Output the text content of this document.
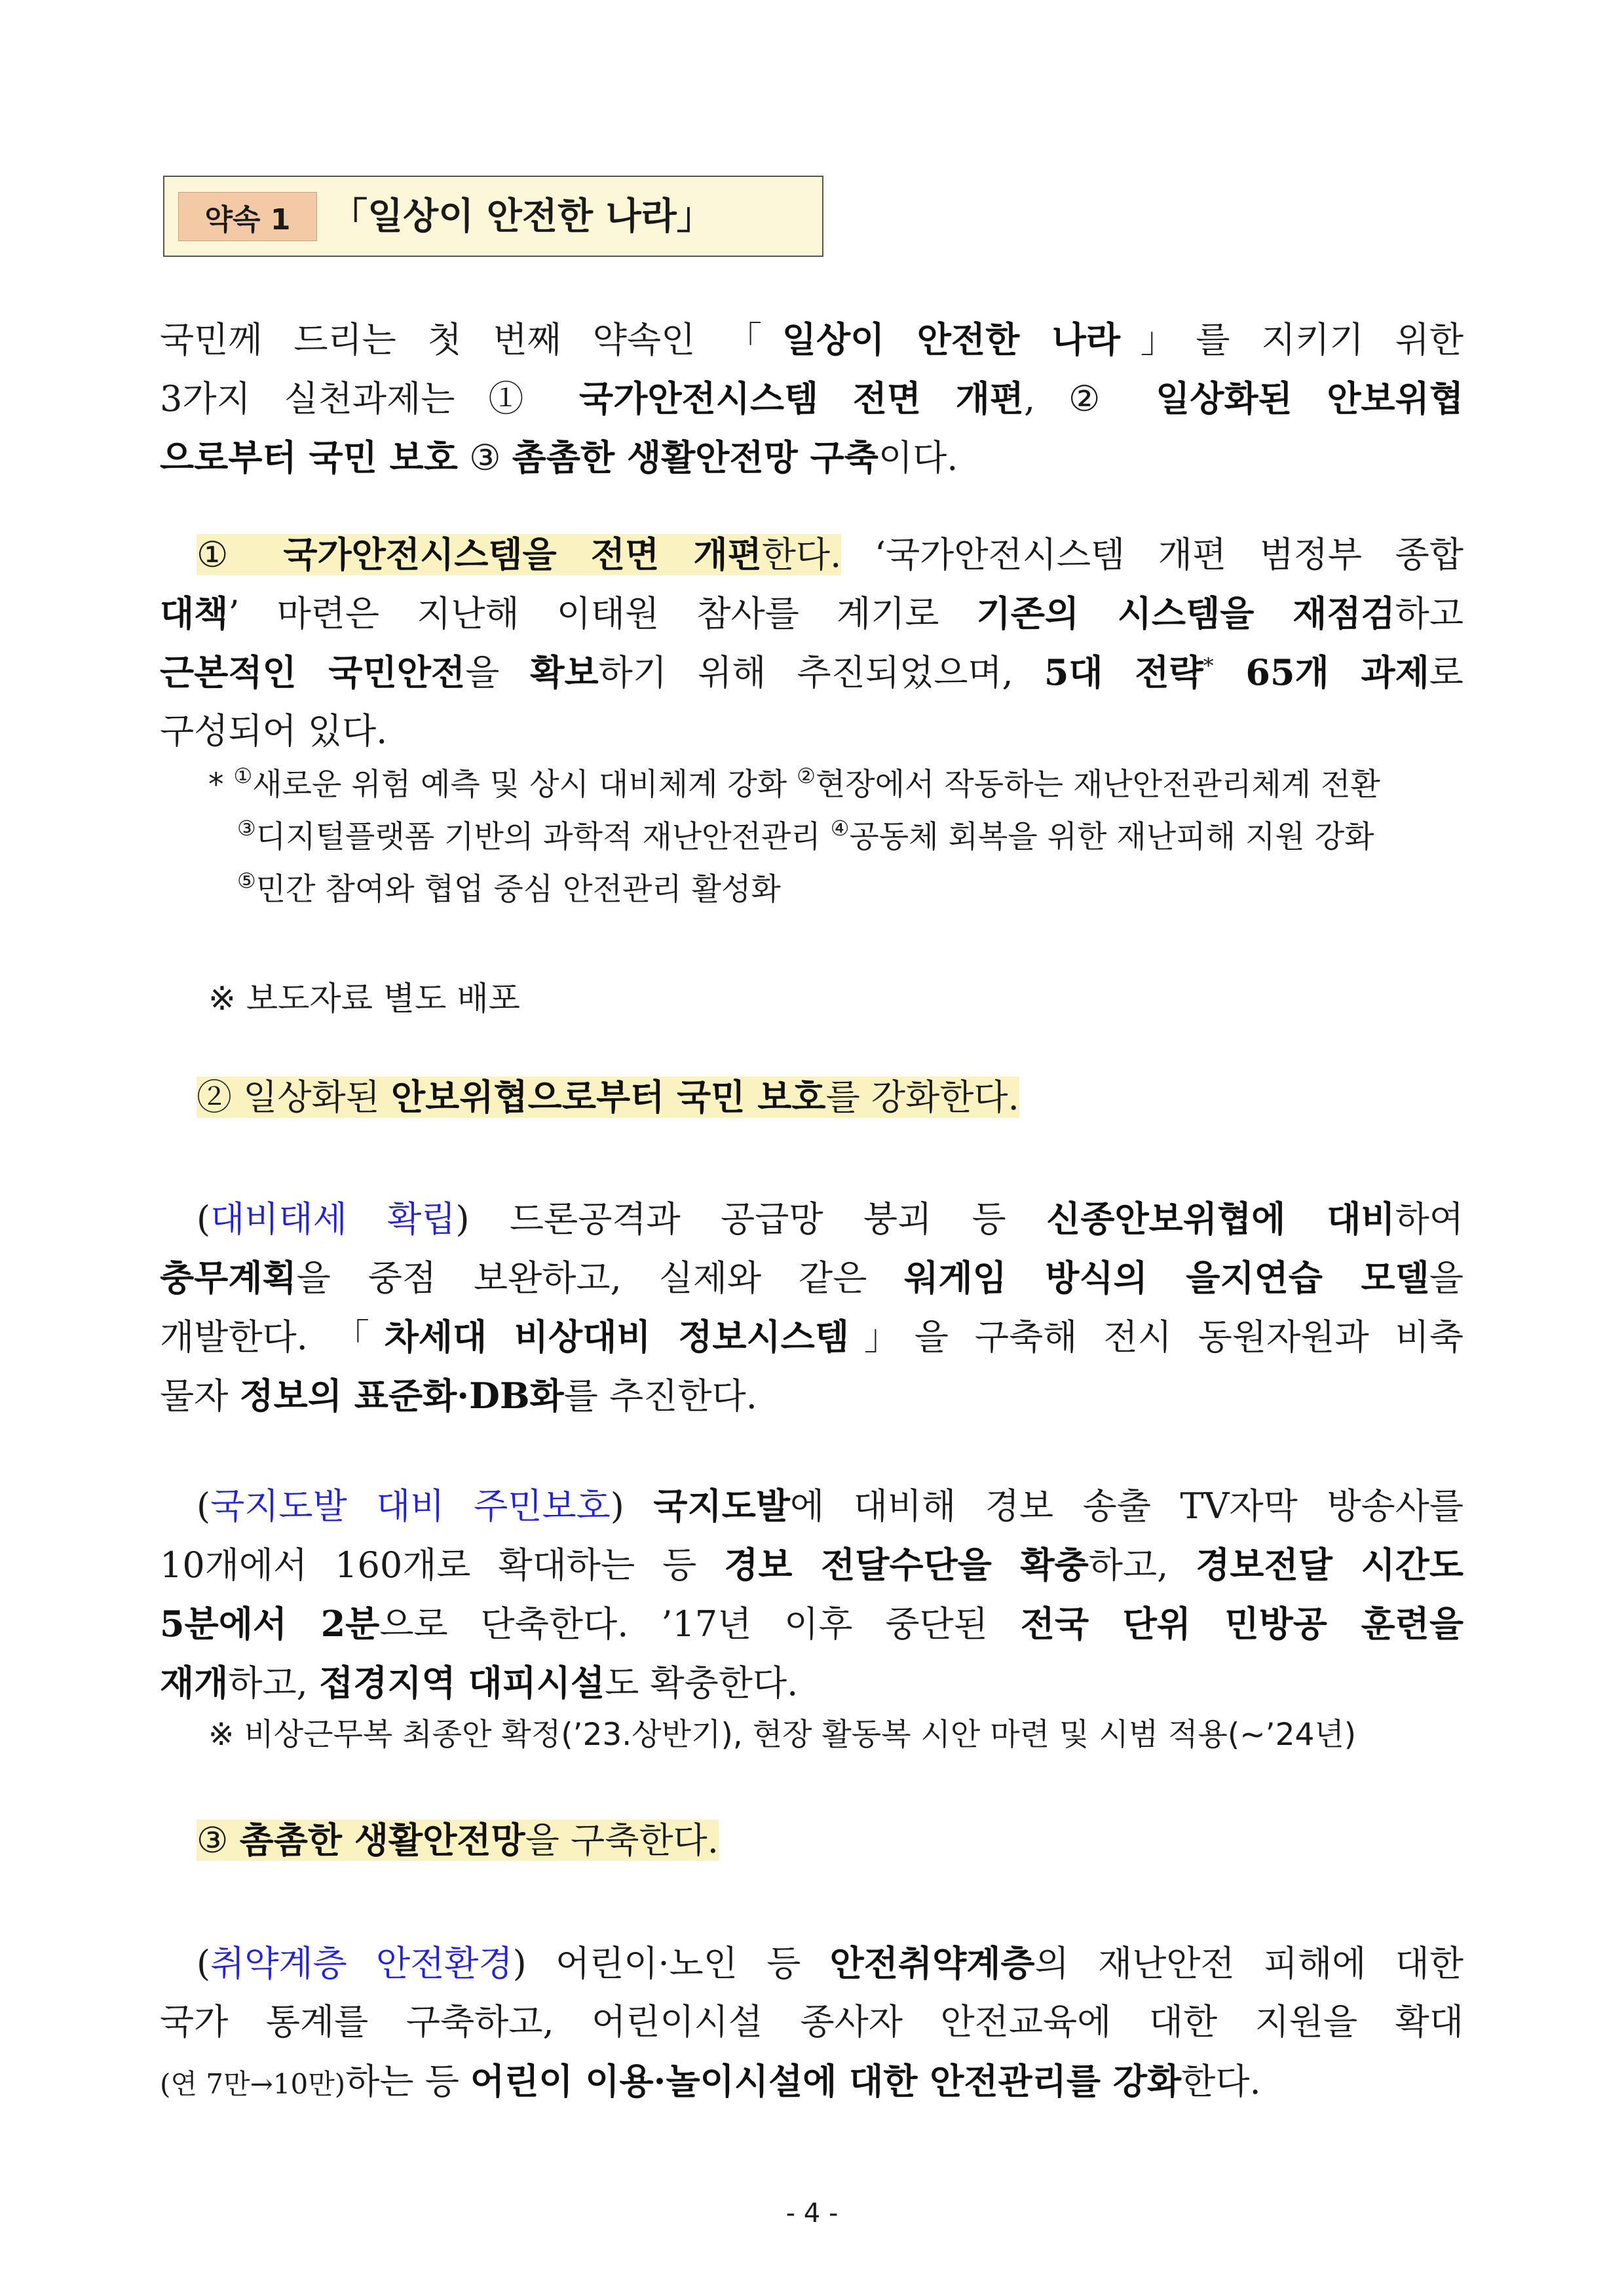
약속 1	「일상이 안전한 나라」
국민께 드리는 첫 번째 약속인 「일상이 안전한 나라」를 지키기 위한
3가지 실천과제는 ① 국가안전시스템 전면 개편, ② 일상화된 안보위협
으로부터 국민 보호 ③ 촘촘한 생활안전망 구축이다.
① 국가안전시스템을 전면 개편한다. ‘국가안전시스템 개편 범정부 종합
대책’ 마련은 지난해 이태원 참사를 계기로 기존의 시스템을 재점검하고
근본적인 국민안전을 확보하기 위해 추진되었으며, 5대 전략* 65개 과제로
구성되어 있다.
* ①새로운 위험 예측 및 상시 대비체계 강화 ②현장에서 작동하는 재난안전관리체계 전환
③디지털플랫폼 기반의 과학적 재난안전관리 ④공동체 회복을 위한 재난피해 지원 강화
⑤민간 참여와 협업 중심 안전관리 활성화
※ 보도자료 별도 배포
② 일상화된 안보위협으로부터 국민 보호를 강화한다.
(대비태세 확립) 드론공격과 공급망 붕괴 등 신종안보위협에 대비하여
충무계획을 중점 보완하고, 실제와 같은 워게임 방식의 을지연습 모델을
개발한다. 「차세대 비상대비 정보시스템」을 구축해 전시 동원자원과 비축
물자 정보의 표준화·DB화를 추진한다.
(국지도발 대비 주민보호) 국지도발에 대비해 경보 송출 TV자막 방송사를
10개에서 160개로 확대하는 등 경보 전달수단을 확충하고, 경보전달 시간도
5분에서 2분으로 단축한다. ’17년 이후 중단된 전국 단위 민방공 훈련을
재개하고, 접경지역 대피시설도 확충한다.
※ 비상근무복 최종안 확정(’23.상반기), 현장 활동복 시안 마련 및 시범 적용(~’24년)
③ 촘촘한 생활안전망을 구축한다.
(취약계층 안전환경) 어린이·노인 등 안전취약계층의 재난안전 피해에 대한
국가 통계를 구축하고, 어린이시설 종사자 안전교육에 대한 지원을 확대
(연 7만→10만)하는 등 어린이 이용·놀이시설에 대한 안전관리를 강화한다.
- 4 -
